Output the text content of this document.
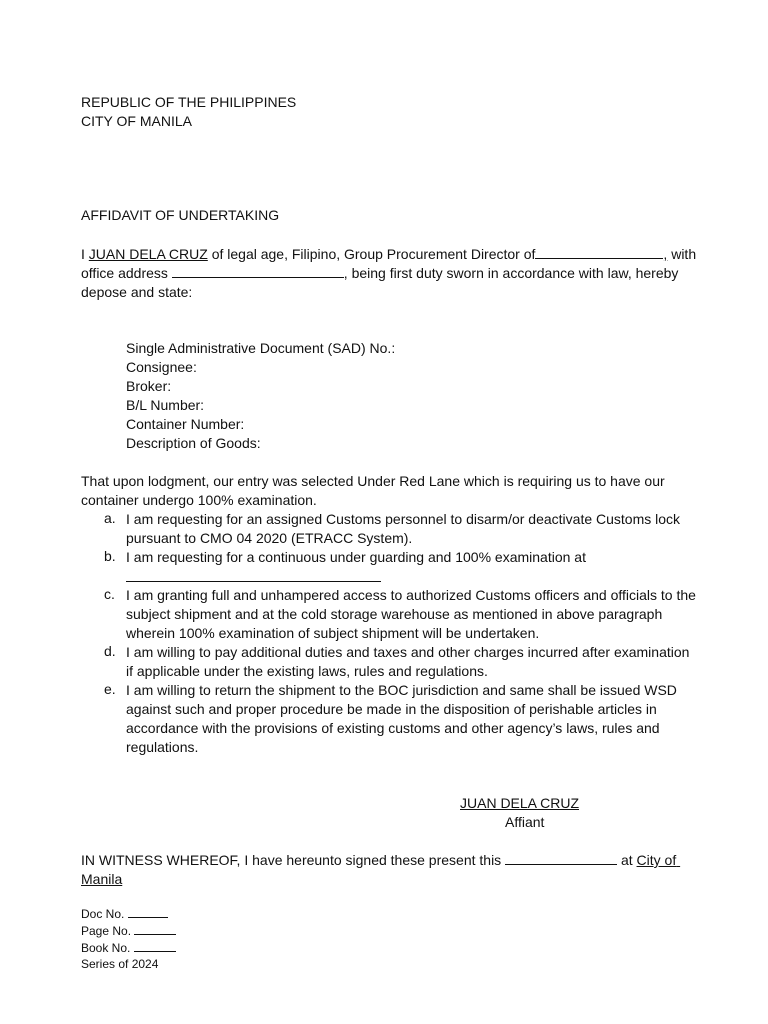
REPUBLIC OF THE PHILIPPINES
CITY OF MANILA
AFFIDAVIT OF UNDERTAKING
I JUAN DELA CRUZ of legal age, Filipino, Group Procurement Director of	, with
office address	, being first duty sworn in accordance with law, hereby
depose and state:
Single Administrative Document (SAD) No.:
Consignee:
Broker:
B/L Number:
Container Number:
Description of Goods:
That upon lodgment, our entry was selected Under Red Lane which is requiring us to have our
container undergo 100% examination.
a. I am requesting for an assigned Customs personnel to disarm/or deactivate Customs lock pursuant to CMO 04 2020 (ETRACC System).
b. I am requesting for a continuous under guarding and 100% examination at
c. I am granting full and unhampered access to authorized Customs officers and officials to the subject shipment and at the cold storage warehouse as mentioned in above paragraph wherein 100% examination of subject shipment will be undertaken.
d. I am willing to pay additional duties and taxes and other charges incurred after examination if applicable under the existing laws, rules and regulations.
e. I am willing to return the shipment to the BOC jurisdiction and same shall be issued WSD against such and proper procedure be made in the disposition of perishable articles in accordance with the provisions of existing customs and other agency’s laws, rules and regulations.
JUAN DELA CRUZ
Affiant
IN WITNESS WHEREOF, I have hereunto signed these present this	at City of
Manila
Doc No.
Page No.
Book No.
Series of 2024
